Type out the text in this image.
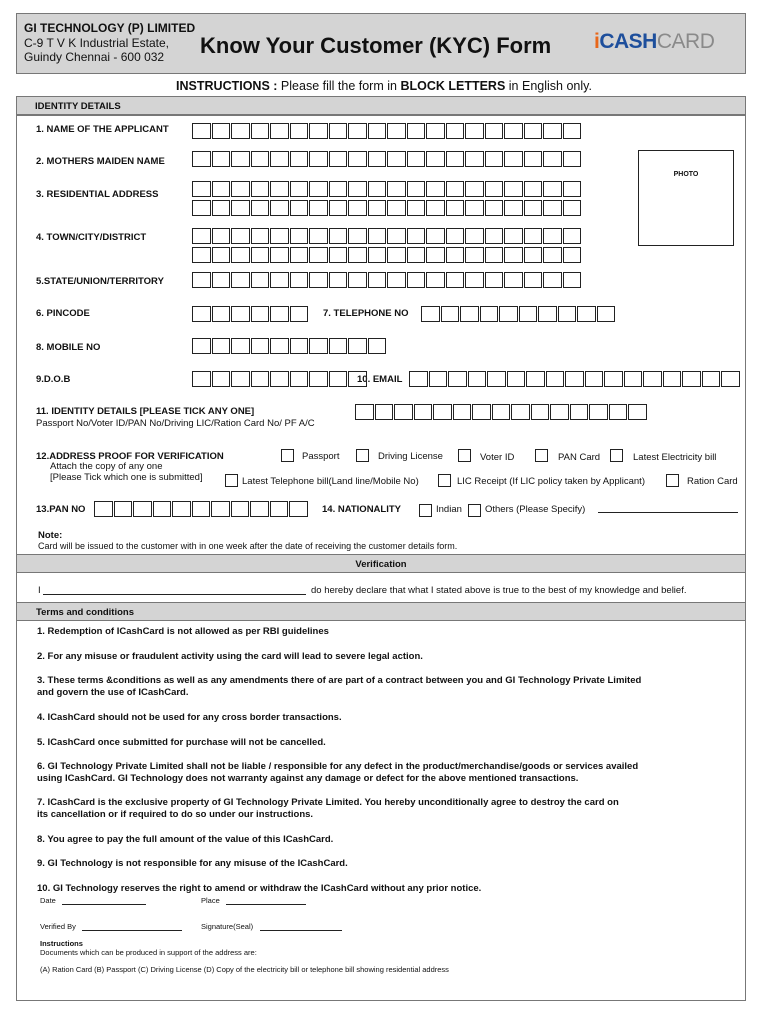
GI TECHNOLOGY (P) LIMITED
C-9 T V K Industrial Estate,
Guindy Chennai - 600 032 Know Your Customer (KYC) Form iCASHCARD
INSTRUCTIONS : Please fill the form in BLOCK LETTERS in English only.
IDENTITY DETAILS
1. NAME OF THE APPLICANT
2. MOTHERS MAIDEN NAME
3. RESIDENTIAL ADDRESS
4. TOWN/CITY/DISTRICT
5.STATE/UNION/TERRITORY
6. PINCODE	7. TELEPHONE NO
8. MOBILE NO
9.D.O.B	10. EMAIL
11. IDENTITY DETAILS [PLEASE TICK ANY ONE]
Passport No/Voter ID/PAN No/Driving LIC/Ration Card No/ PF A/C
12.ADDRESS PROOF FOR VERIFICATION
Attach the copy of any one
[Please Tick which one is submitted]
13.PAN NO	14. NATIONALITY
PHOTO
Passport	Driving License	Voter ID	PAN Card	Latest Electricity bill
Latest Telephone bill(Land line/Mobile No)	LIC Receipt (If LIC policy taken by Applicant)	Ration Card
Indian Others (Please Specify)
Note:
Card will be issued to the customer with in one week after the date of receiving the customer details form.
Verification
I	do hereby declare that what I stated above is true to the best of my knowledge and belief.
Terms and conditions
1. Redemption of ICashCard is not allowed as per RBI guidelines
2. For any misuse or fraudulent activity using the card will lead to severe legal action.
3. These terms &conditions as well as any amendments there of are part of a contract between you and GI Technology Private Limited
and govern the use of ICashCard.
4. ICashCard should not be used for any cross border transactions.
5. ICashCard once submitted for purchase will not be cancelled.
6. GI Technology Private Limited shall not be liable / responsible for any defect in the product/merchandise/goods or services availed
using ICashCard. GI Technology does not warranty against any damage or defect for the above mentioned transactions.
7. ICashCard is the exclusive property of GI Technology Private Limited. You hereby unconditionally agree to destroy the card on
its cancellation or if required to do so under our instructions.
8. You agree to pay the full amount of the value of this ICashCard.
9. GI Technology is not responsible for any misuse of the ICashCard.
10. GI Technology reserves the right to amend or withdraw the ICashCard without any prior notice.
Date	Place
Verified By	Signature(Seal)
Instructions
Documents which can be produced in support of the address are:
(A) Ration Card (B) Passport (C) Driving License (D) Copy of the electricity bill or telephone bill showing residential address
